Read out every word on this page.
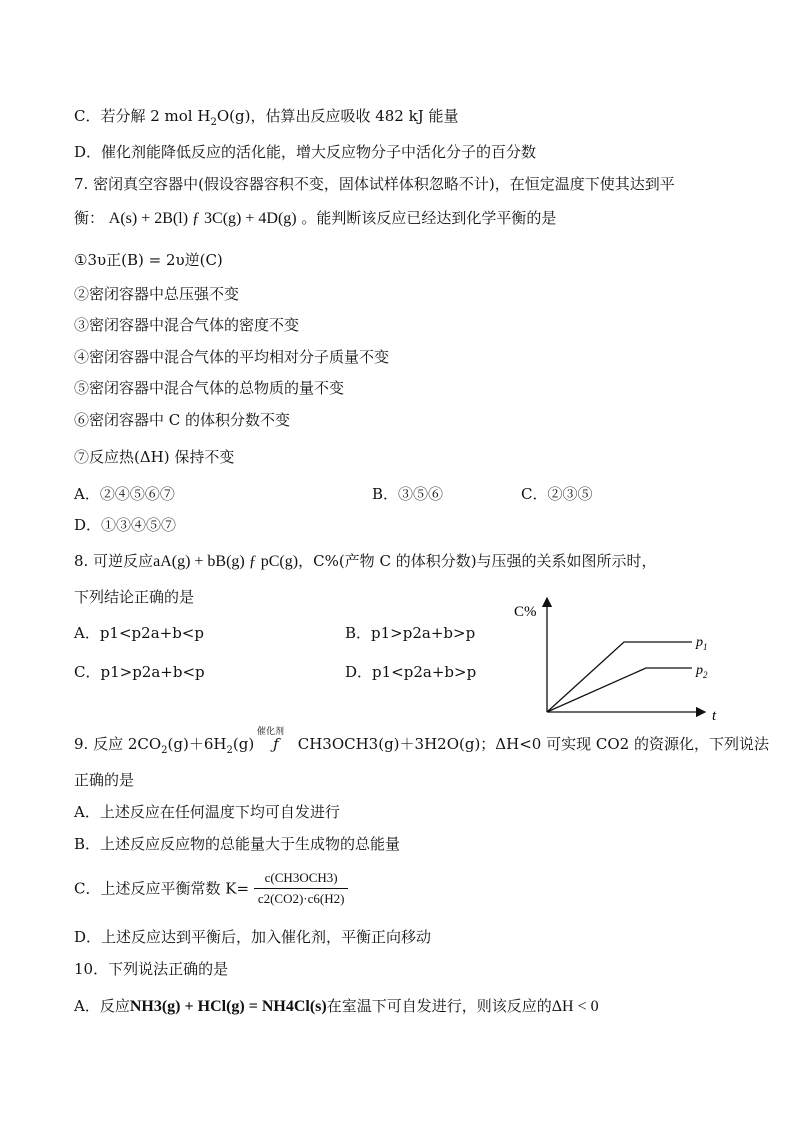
C．若分解 2 mol $H_2O(g)$，估算出反应吸收 482 kJ 能量
D．催化剂能降低反应的活化能，增大反应物分子中活化分子的百分数
7. 密闭真空容器中(假设容器容积不变，固体试样体积忽略不计)，在恒定温度下使其达到平
衡： A(s) + 2B(l) ƒ 3C(g) + 4D(g) 。能判断该反应已经达到化学平衡的是
①3υ正(B) = 2υ逆(C)
②密闭容器中总压强不变
③密闭容器中混合气体的密度不变
④密闭容器中混合气体的平均相对分子质量不变
⑤密闭容器中混合气体的总物质的量不变
⑥密闭容器中 C 的体积分数不变
⑦反应热(ΔH) 保持不变
A．②④⑤⑥⑦	B．③⑤⑥	C．②③⑤
D．①③④⑤⑦
8. 可逆反应aA(g) + bB(g) ƒ pC(g)，C%(产物 C 的体积分数)与压强的关系如图所示时，
下列结论正确的是
A．p1<p2a+b<p	B．p1>p2a+b>p
C．p1>p2a+b<p	D．p1<p2a+b>p
C%
t
$p_1$
$p_2$
9. 反应 $2CO_2(g)+6H_2(g)$
催化剂
ƒ CH3OCH3(g)＋3H2O(g)；ΔH<0 可实现 CO2 的资源化，下列说法
正确的是
A．上述反应在任何温度下均可自发进行
B．上述反应反应物的总能量大于生成物的总能量
C．上述反应平衡常数 $K= \frac{\text{c(CH3OCH3)}}{c2(CO2)\cdot c6(H2)}$
D．上述反应达到平衡后，加入催化剂，平衡正向移动
10．下列说法正确的是
A．反应NH3(g) + HCl(g) = NH4Cl(s)在室温下可自发进行，则该反应的ΔH < 0
